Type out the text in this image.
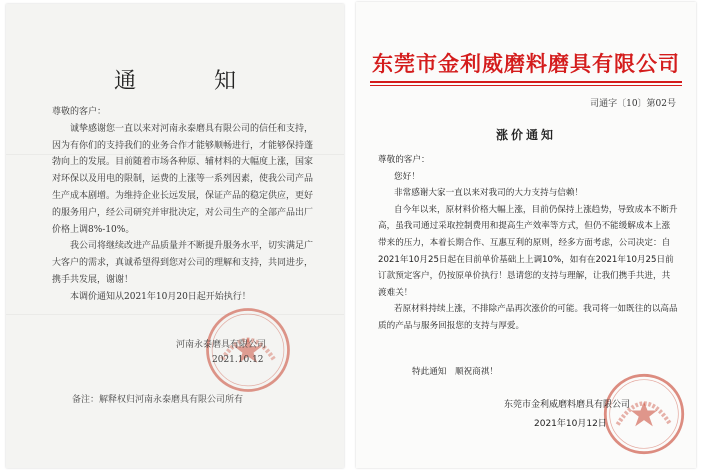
通　知

尊敬的客户：

诚挚感谢您一直以来对河南永泰磨具有限公司的信任和支持，因为有你们的支持我们的业务合作才能够顺畅进行，才能够保持蓬勃向上的发展。目前随着市场各种原、辅材料的大幅度上涨，国家对环保以及用电的限制，运费的上涨等一系列因素，使我公司产品生产成本剧增。为维持企业长远发展，保证产品的稳定供应，更好的服务用户，经公司研究并审批决定，对公司生产的全部产品出厂价格上调8%-10%。

我公司将继续改进产品质量并不断提升服务水平，切实满足广大客户的需求，真诚希望得到您对公司的理解和支持，共同进步，携手共发展，谢谢！

本调价通知从2021年10月20日起开始执行！

河南永泰磨具有限公司
2021.10.12
备注：解释权归河南永泰磨具有限公司所有
东莞市金利威磨料磨具有限公司
司通字〔10〕第02号
涨价通知

尊敬的客户：

您好！

非常感谢大家一直以来对我司的大力支持与信赖！

自今年以来，原材料价格大幅上涨，目前仍保持上涨趋势，导致成本不断升高，虽我司通过采取控制费用和提高生产效率等方式，但仍不能缓解成本上涨带来的压力，本着长期合作、互惠互利的原则，经多方面考虑，公司决定：自2021年10月25日起在目前单价基础上上调10%，如有在2021年10月25日前订款预定客户，仍按原单价执行！恳请您的支持与理解，让我们携手共进，共渡难关！

若原材料持续上涨，不排除产品再次涨价的可能。我司将一如既往的以高品质的产品与服务回报您的支持与厚爱。

特此通知　顺祝商祺！
东莞市金利威磨料磨具有限公司
2021年10月12日
